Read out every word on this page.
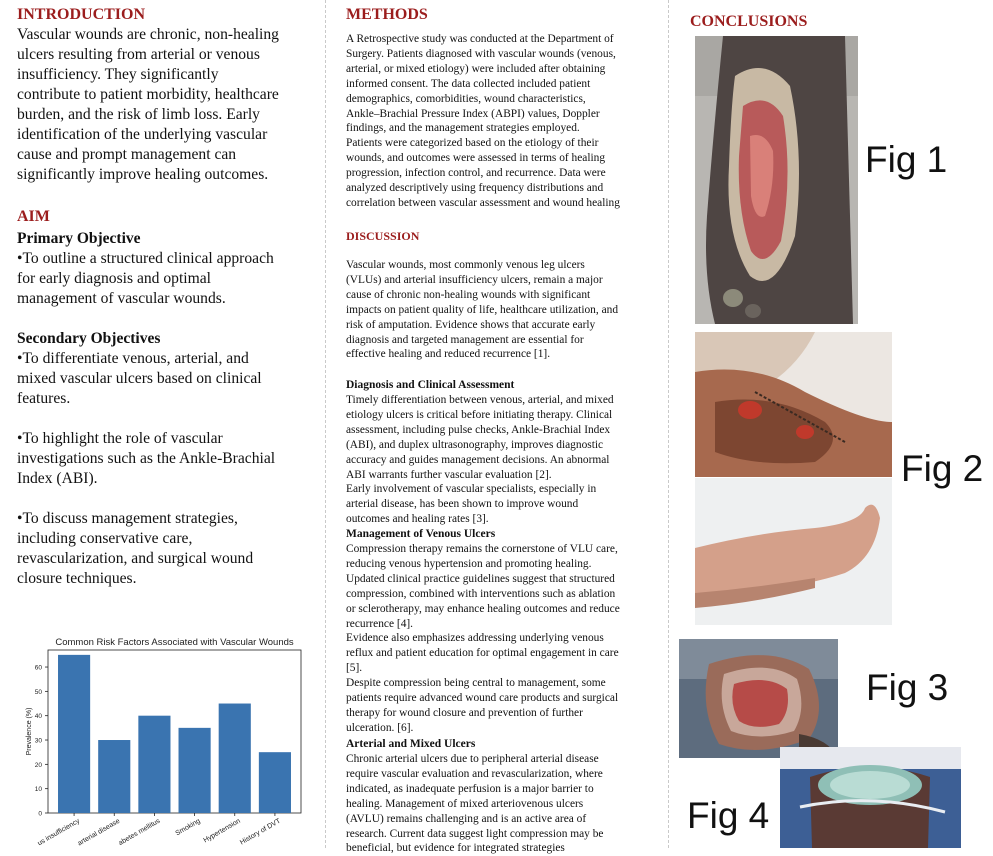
INTRODUCTION

Vascular wounds are chronic, non-healing

ulcers resulting from arterial or venous

insufficiency. They significantly

contribute to patient morbidity, healthcare

burden, and the risk of limb loss. Early

identification of the underlying vascular

cause and prompt management can

significantly improve healing outcomes.

AIM

Primary Objective

•To outline a structured clinical approach

for early diagnosis and optimal

management of vascular wounds.

Secondary Objectives

•To differentiate venous, arterial, and

mixed vascular ulcers based on clinical

features.

•To highlight the role of vascular

investigations such as the Ankle-Brachial

Index (ABI).

•To discuss management strategies,

including conservative care,

revascularization, and surgical wound

closure techniques.

Common Risk Factors Associated with Vascular Wounds
0
10
20
30
40
50
60
Prevalence (%)
us insufficiency
arterial disease
abetes mellitus Smoking Hypertension
History of DVT

METHODS

A Retrospective study was conducted at the Department of

Surgery. Patients diagnosed with vascular wounds (venous,

arterial, or mixed etiology) were included after obtaining

informed consent. The data collected included patient

demographics, comorbidities, wound characteristics,

Ankle–Brachial Pressure Index (ABPI) values, Doppler

findings, and the management strategies employed.

Patients were categorized based on the etiology of their

wounds, and outcomes were assessed in terms of healing

progression, infection control, and recurrence. Data were

analyzed descriptively using frequency distributions and

correlation between vascular assessment and wound healing

DISCUSSION

Vascular wounds, most commonly venous leg ulcers

(VLUs) and arterial insufficiency ulcers, remain a major

cause of chronic non-healing wounds with significant

impacts on patient quality of life, healthcare utilization, and

risk of amputation. Evidence shows that accurate early

diagnosis and targeted management are essential for

effective healing and reduced recurrence [1].

Diagnosis and Clinical Assessment

Timely differentiation between venous, arterial, and mixed

etiology ulcers is critical before initiating therapy. Clinical

assessment, including pulse checks, Ankle-Brachial Index

(ABI), and duplex ultrasonography, improves diagnostic

accuracy and guides management decisions. An abnormal

ABI warrants further vascular evaluation [2].

Early involvement of vascular specialists, especially in

arterial disease, has been shown to improve wound

outcomes and healing rates [3].

Management of Venous Ulcers

Compression therapy remains the cornerstone of VLU care,

reducing venous hypertension and promoting healing.

Updated clinical practice guidelines suggest that structured

compression, combined with interventions such as ablation

or sclerotherapy, may enhance healing outcomes and reduce

recurrence [4].

Evidence also emphasizes addressing underlying venous

reflux and patient education for optimal engagement in care

[5].

Despite compression being central to management, some

patients require advanced wound care products and surgical

therapy for wound closure and prevention of further

ulceration. [6].

Arterial and Mixed Ulcers

Chronic arterial ulcers due to peripheral arterial disease

require vascular evaluation and revascularization, where

indicated, as inadequate perfusion is a major barrier to

healing. Management of mixed arteriovenous ulcers

(AVLU) remains challenging and is an active area of

research. Current data suggest light compression may be

beneficial, but evidence for integrated strategies

CONCLUSIONS

Fig 1
Fig 2
Fig 3
Fig 4
